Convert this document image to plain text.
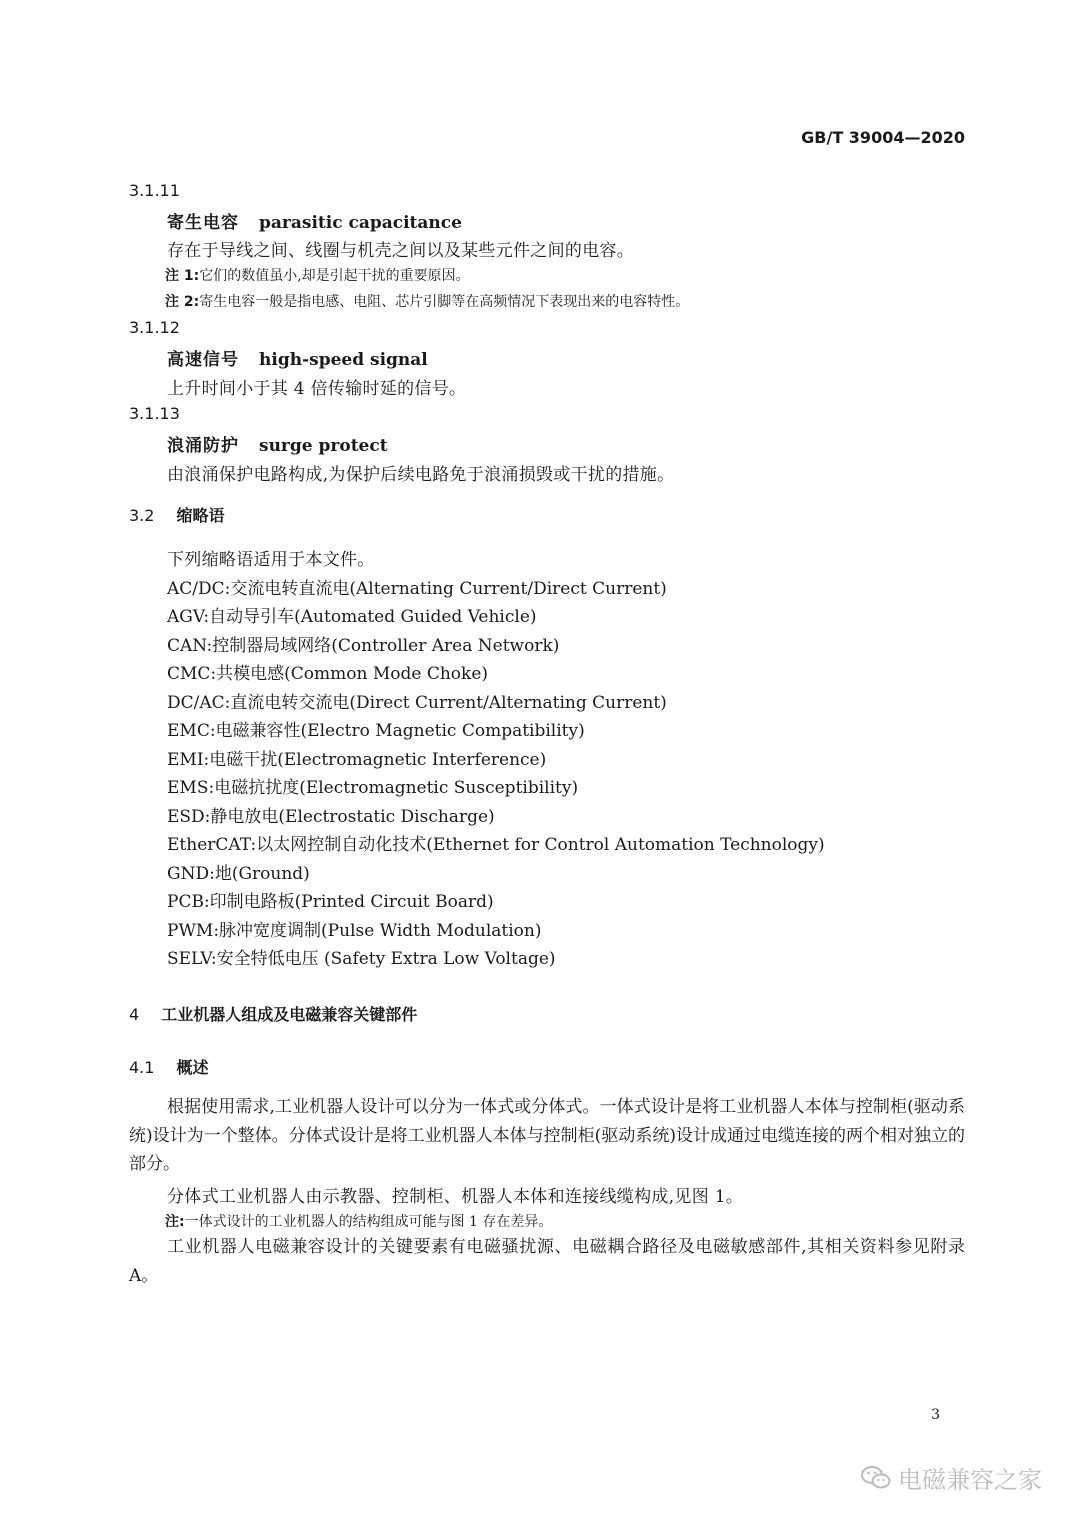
GB/T 39004—2020
3.1.11
寄生电容 parasitic capacitance
存在于导线之间、线圈与机壳之间以及某些元件之间的电容。
注 1:它们的数值虽小,却是引起干扰的重要原因。
注 2:寄生电容一般是指电感、电阻、芯片引脚等在高频情况下表现出来的电容特性。
3.1.12
高速信号 high-speed signal
上升时间小于其 4 倍传输时延的信号。
3.1.13
浪涌防护 surge protect
由浪涌保护电路构成,为保护后续电路免于浪涌损毁或干扰的措施。
3.2 缩略语
下列缩略语适用于本文件。
AC/DC:交流电转直流电(Alternating Current/Direct Current)
AGV:自动导引车(Automated Guided Vehicle)
CAN:控制器局域网络(Controller Area Network)
CMC:共模电感(Common Mode Choke)
DC/AC:直流电转交流电(Direct Current/Alternating Current)
EMC:电磁兼容性(Electro Magnetic Compatibility)
EMI:电磁干扰(Electromagnetic Interference)
EMS:电磁抗扰度(Electromagnetic Susceptibility)
ESD:静电放电(Electrostatic Discharge)
EtherCAT:以太网控制自动化技术(Ethernet for Control Automation Technology)
GND:地(Ground)
PCB:印制电路板(Printed Circuit Board)
PWM:脉冲宽度调制(Pulse Width Modulation)
SELV:安全特低电压 (Safety Extra Low Voltage)
4 工业机器人组成及电磁兼容关键部件
4.1 概述
根据使用需求,工业机器人设计可以分为一体式或分体式。一体式设计是将工业机器人本体与控制柜(驱动系统)设计为一个整体。分体式设计是将工业机器人本体与控制柜(驱动系统)设计成通过电缆连接的两个相对独立的部分。
分体式工业机器人由示教器、控制柜、机器人本体和连接线缆构成,见图 1。
注:一体式设计的工业机器人的结构组成可能与图 1 存在差异。
工业机器人电磁兼容设计的关键要素有电磁骚扰源、电磁耦合路径及电磁敏感部件,其相关资料参见附录 A。
3
电磁兼容之家
